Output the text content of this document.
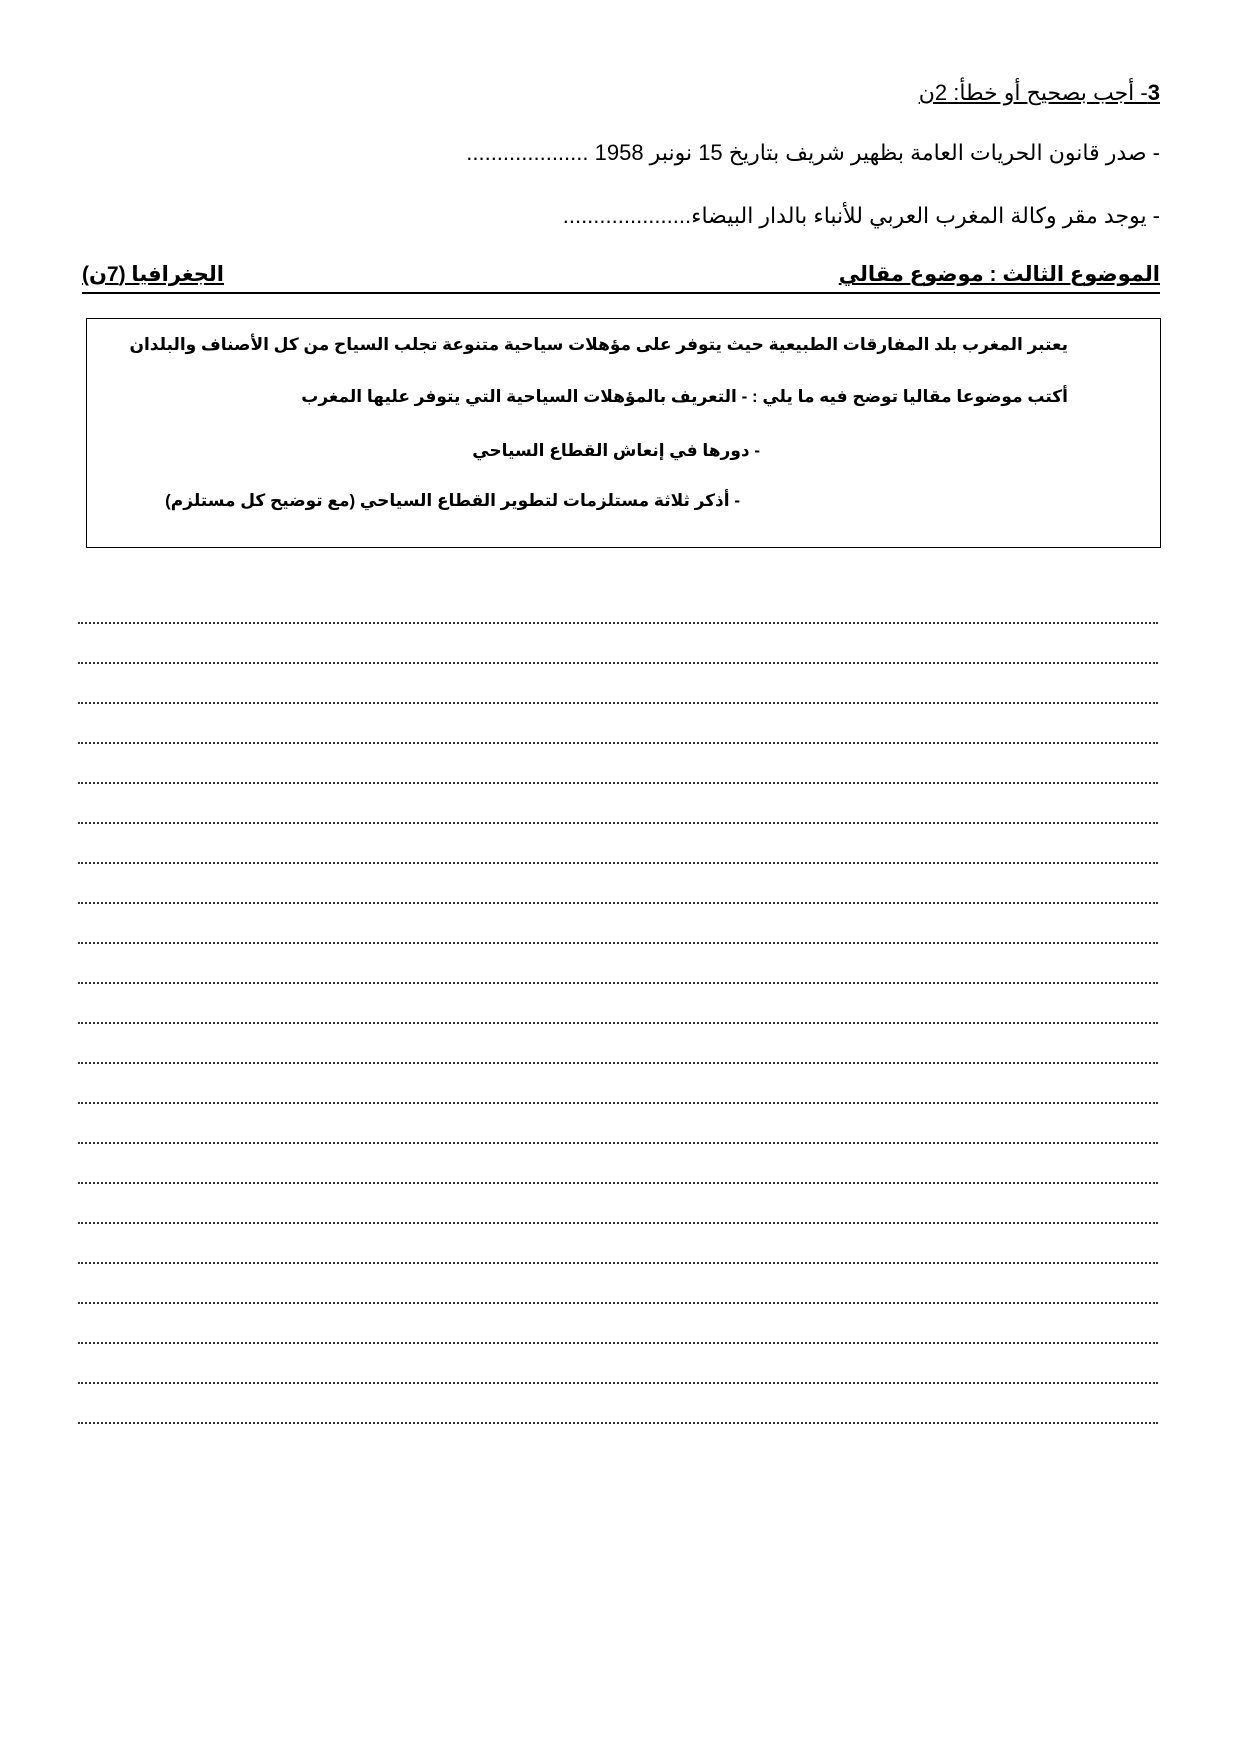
3- أجب بصحيح أو خطأ: 2ن
- صدر قانون الحريات العامة بظهير شريف بتاريخ 15 نونبر 1958 ....................
- يوجد مقر وكالة المغرب العربي للأنباء بالدار البيضاء.....................
الموضوع الثالث : موضوع مقالي
الجغرافيا (7ن)
يعتبر المغرب بلد المفارقات الطبيعية حيث يتوفر على مؤهلات سياحية متنوعة تجلب السياح من كل الأصناف والبلدان
أكتب موضوعا مقاليا توضح فيه ما يلي : - التعريف بالمؤهلات السياحية التي يتوفر عليها المغرب
- دورها في إنعاش القطاع السياحي
- أذكر ثلاثة مستلزمات لتطوير القطاع السياحي (مع توضيح كل مستلزم)
